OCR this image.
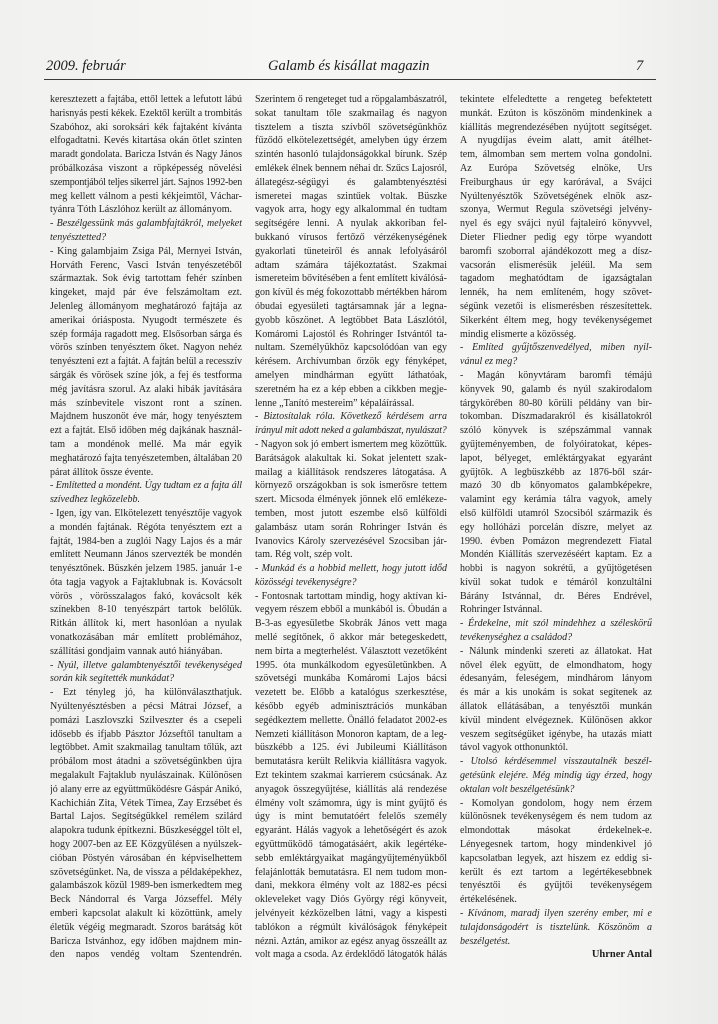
2009. február	Galamb és kisállat magazin	7
keresztezett a fajtába, ettől lettek a lefutott lábú
harisnyás pesti kékek. Ezektől került a trombitás
Szabóhoz, aki soroksári kék fajtaként kívánta
elfogadtatni. Kevés kitartása okán ötlet szinten
maradt gondolata. Baricza István és Nagy János
próbálkozása viszont a röpképesség növelési
szempontjából teljes sikerrel járt. Sajnos 1992-ben
meg kellett válnom a pesti kékjeimtől, Váchar-
tyánra Tóth Lászlóhoz került az állományom.
- Beszélgessünk más galambfajtákról, melyeket
tenyésztetted?
- King galambjaim Zsiga Pál, Mernyei István,
Horváth Ferenc, Vasci István tenyészetéből
származtak. Sok évig tartottam fehér színben
kingeket, majd pár éve felszámoltam ezt.
Jelenleg állományom meghatározó fajtája az
amerikai óriásposta. Nyugodt természete és
szép formája ragadott meg. Elsősorban sárga és
vörös színben tenyésztem őket. Nagyon nehéz
tenyészteni ezt a fajtát. A fajtán belül a recesszív
sárgák és vörösek színe jók, a fej és testforma
még javításra szorul. Az alaki hibák javítására
más színbevitele viszont ront a színen.
Majdnem huszonöt éve már, hogy tenyésztem
ezt a fajtát. Első időben még dajkának használ-
tam a mondénok mellé. Ma már egyik
meghatározó fajta tenyészetemben, általában 20
párat állítok össze évente.
- Említetted a mondént. Úgy tudtam ez a fajta áll
szívedhez legközelebb.
- Igen, így van. Elkötelezett tenyésztője vagyok
a mondén fajtának. Régóta tenyésztem ezt a
fajtát, 1984-ben a zuglói Nagy Lajos és a már
említett Neumann János szervezték be mondén
tenyésztőnek. Büszkén jelzem 1985. január 1-e
óta tagja vagyok a Fajtaklubnak is. Kovácsolt
vörös , vörösszalagos fakó, kovácsolt kék
színekben 8-10 tenyészpárt tartok belőlük.
Ritkán állítok ki, mert hasonlóan a nyulak
vonatkozásában már említett problémához,
szállítási gondjaim vannak autó hiányában.
- Nyúl, illetve galambtenyésztői tevékenységed
során kik segítették munkádat?
- Ezt tényleg jó, ha különválaszthatjuk.
Nyúltenyésztésben a pécsi Mátrai József, a
pomázi Laszlovszki Szilveszter és a csepeli
idősebb és ifjabb Pásztor Józseftől tanultam a
legtöbbet. Amit szakmailag tanultam tőlük, azt
próbálom most átadni a szövetségünkben újra
megalakult Fajtaklub nyulászainak. Különösen
jó alany erre az együttműködésre Gáspár Anikó,
Kachichián Zita, Vétek Tímea, Zay Erzsébet és
Bartal Lajos. Segítségükkel remélem szilárd
alapokra tudunk építkezni. Büszkeséggel tölt el,
hogy 2007-ben az EE Közgyűlésen a nyúlszek-
cióban Pöstyén városában én képviselhettem
szövetségünket. Na, de vissza a példaképekhez,
galambászok közül 1989-ben ismerkedtem meg
Beck Nándorral és Varga Józseffel. Mély
emberi kapcsolat alakult ki közöttünk, amely
életük végéig megmaradt. Szoros barátság köt
Baricza Istvánhoz, egy időben majdnem min-
den napos vendég voltam Szentendrén.
Szerintem ő rengeteget tud a röpgalambászatról,
sokat tanultam tőle szakmailag és nagyon
tisztelem a tiszta szívből szövetségünkhöz
fűződő elkötelezettségét, amelyben úgy érzem
szintén hasonló tulajdonságokkal bírunk. Szép
emlékek élnek bennem néhai dr. Szűcs Lajosról,
állategész-ségügyi és galambtenyésztési
ismeretei magas szintűek voltak. Büszke
vagyok arra, hogy egy alkalommal én tudtam
segítségére lenni. A nyulak akkoriban fel-
bukkanó vírusos fertőző vérzékenységének
gyakorlati tüneteiről és annak lefolyásáról
adtam számára tájékoztatást. Szakmai
ismereteim bővítésében a fent említett kiválósá-
gon kívül és még fokozottabb mértékben három
óbudai egyesületi tagtársamnak jár a legna-
gyobb köszönet. A legtöbbet Bata Lászlótól,
Komáromi Lajostól és Rohringer Istvántól ta-
nultam. Személyükhöz kapcsolódóan van egy
kérésem. Archívumban őrzök egy fényképet,
amelyen mindhárman együtt láthatóak,
szeretném ha ez a kép ebben a cikkben megje-
lenne „Tanító mestereim” képaláírással.
- Biztosítalak róla. Következő kérdésem arra
irányul mit adott neked a galambászat, nyulászat?
- Nagyon sok jó embert ismertem meg közöttük.
Barátságok alakultak ki. Sokat jelentett szak-
mailag a kiállítások rendszeres látogatása. A
környező országokban is sok ismerősre tettem
szert. Micsoda élmények jönnek elő emlékeze-
temben, most jutott eszembe első külföldi
galambász utam során Rohringer István és
Ivanovics Károly szervezésével Szocsiban jár-
tam. Rég volt, szép volt.
- Munkád és a hobbid mellett, hogy jutott időd
közösségi tevékenységre?
- Fontosnak tartottam mindig, hogy aktívan ki-
vegyem részem ebből a munkából is. Óbudán a
B-3-as egyesületbe Skobrák János vett maga
mellé segítőnek, ő akkor már betegeskedett,
nem bírta a megterhelést. Választott vezetőként
1995. óta munkálkodom egyesületünkben. A
szövetségi munkába Komáromi Lajos bácsi
vezetett be. Előbb a katalógus szerkesztése,
később egyéb adminisztrációs munkában
segédkeztem mellette. Önálló feladatot 2002-es
Nemzeti kiállításon Monoron kaptam, de a leg-
büszkébb a 125. évi Jubileumi Kiállításon
bemutatásra került Relikvia kiállításra vagyok.
Ezt tekintem szakmai karrierem csúcsának. Az
anyagok összegyűjtése, kiállítás alá rendezése
élmény volt számomra, úgy is mint gyűjtő és
úgy is mint bemutatóért felelős személy
egyaránt. Hálás vagyok a lehetőségért és azok
együttműködő támogatásáért, akik legértéke-
sebb emléktárgyaikat magángyűjteményükből
felajánlották bemutatásra. El nem tudom mon-
dani, mekkora élmény volt az 1882-es pécsi
okleveleket vagy Diós György régi könyveit,
jelvényeit kézközelben látni, vagy a kispesti
tablókon a régmúlt kiválóságok fényképeit
nézni. Aztán, amikor az egész anyag összeállt az
volt maga a csoda. Az érdeklődő látogatók hálás
tekintete elfeledtette a rengeteg befektetett
munkát. Ezúton is köszönöm mindenkinek a
kiállítás megrendezésében nyújtott segítséget.
A nyugdíjas éveim alatt, amit átélhet-
tem, álmomban sem mertem volna gondolni.
Az Európa Szövetség elnöke, Urs
Freiburghaus úr egy karórával, a Svájci
Nyúltenyésztők Szövetségének elnök asz-
szonya, Wermut Regula szövetségi jelvény-
nyel és egy svájci nyúl fajtaleíró könyvvel,
Dieter Fliedner pedig egy törpe wyandott
baromfi szoborral ajándékozott meg a dísz-
vacsorán elismerésük jeléül. Ma sem
tagadom meghatódtam de igazságtalan
lennék, ha nem említeném, hogy szövet-
ségünk vezetői is elismerésben részesítettek.
Sikerként éltem meg, hogy tevékenységemet
mindig elismerte a közösség.
- Említed gyűjtőszenvedélyed, miben nyil-
vánul ez meg?
- Magán könyvtáram baromfi témájú
könyvek 90, galamb és nyúl szakirodalom
tárgykörében 80-80 körüli példány van bir-
tokomban. Díszmadarakról és kisállatokról
szóló könyvek is szépszámmal vannak
gyűjteményemben, de folyóiratokat, képes-
lapot, bélyeget, emléktárgyakat egyaránt
gyűjtök. A legbüszkébb az 1876-ből szár-
mazó 30 db kőnyomatos galambképekre,
valamint egy kerámia tálra vagyok, amely
első külföldi utamról Szocsiból származik és
egy hollóházi porcelán díszre, melyet az
1990. évben Pomázon megrendezett Fiatal
Mondén Kiállítás szervezéséért kaptam. Ez a
hobbi is nagyon sokrétű, a gyűjtögetésen
kívül sokat tudok e témáról konzultálni
Bárány Istvánnal, dr. Béres Endrével,
Rohringer Istvánnal.
- Érdekelne, mit szól mindehhez a széleskörű
tevékenységhez a családod?
- Nálunk mindenki szereti az állatokat. Hat
nővel élek együtt, de elmondhatom, hogy
édesanyám, feleségem, mindhárom lányom
és már a kis unokám is sokat segítenek az
állatok ellátásában, a tenyésztői munkán
kívül mindent elvégeznek. Különösen akkor
veszem segítségüket igénybe, ha utazás miatt
távol vagyok otthonunktól.
- Utolsó kérdésemmel visszautalnék beszél-
getésünk elejére. Még mindig úgy érzed, hogy
oktalan volt beszélgetésünk?
- Komolyan gondolom, hogy nem érzem
különösnek tevékenységem és nem tudom az
elmondottak másokat érdekelnek-e.
Lényegesnek tartom, hogy mindenkivel jó
kapcsolatban legyek, azt hiszem ez eddig si-
került és ezt tartom a legértékesebbnek
tenyésztői és gyűjtői tevékenységem
értékelésének.
- Kívánom, maradj ilyen szerény ember, mi e
tulajdonságodért is tisztelünk. Köszönöm a
beszélgetést.
Uhrner Antal
